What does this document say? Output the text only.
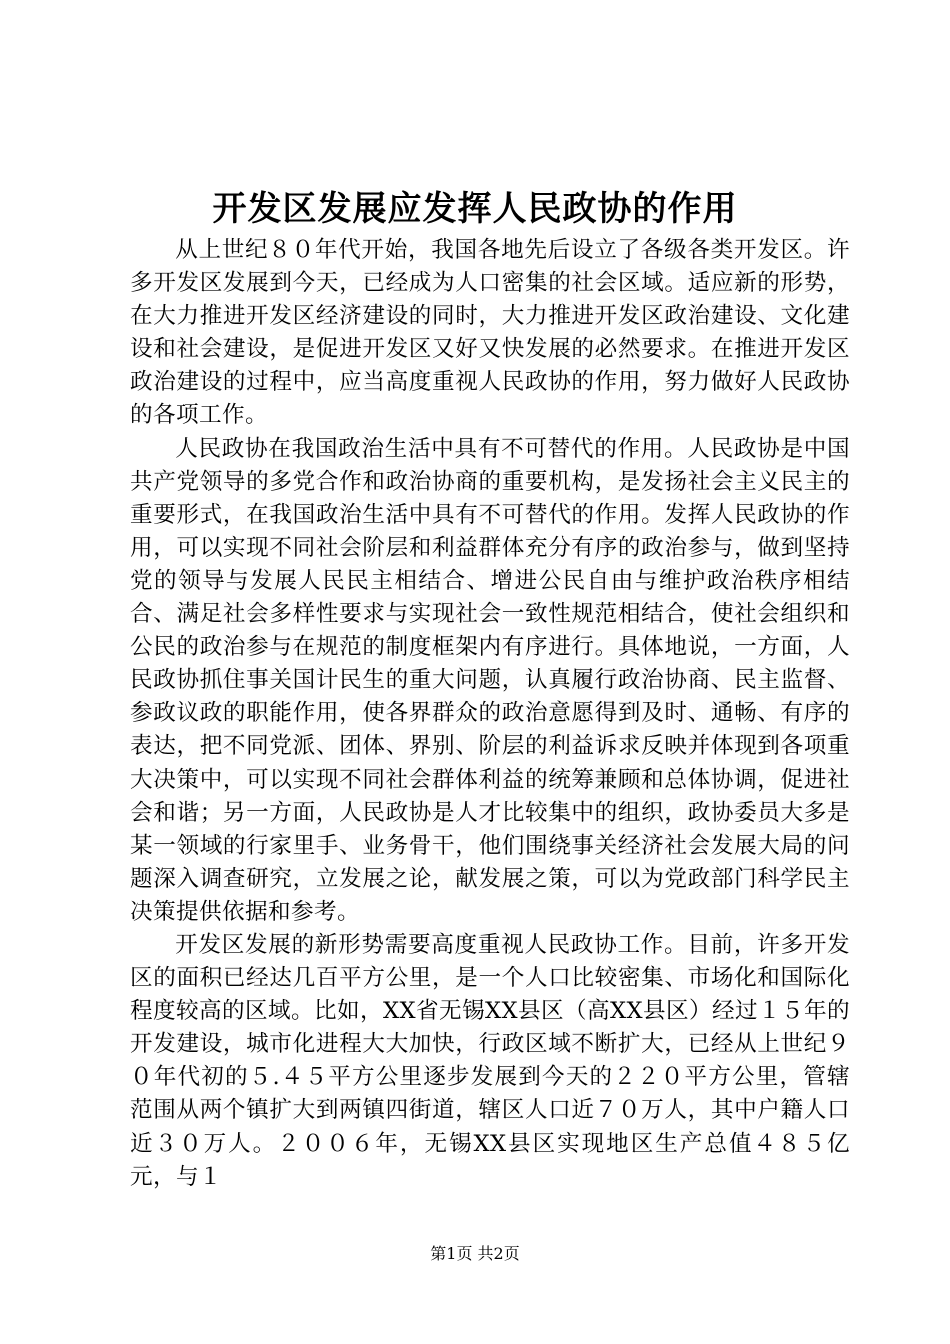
开发区发展应发挥人民政协的作用

从上世纪８０年代开始，我国各地先后设立了各级各类开发区。许多开发区发展到今天，已经成为人口密集的社会区域。适应新的形势，在大力推进开发区经济建设的同时，大力推进开发区政治建设、文化建设和社会建设，是促进开发区又好又快发展的必然要求。在推进开发区政治建设的过程中，应当高度重视人民政协的作用，努力做好人民政协的各项工作。

人民政协在我国政治生活中具有不可替代的作用。人民政协是中国共产党领导的多党合作和政治协商的重要机构，是发扬社会主义民主的重要形式，在我国政治生活中具有不可替代的作用。发挥人民政协的作用，可以实现不同社会阶层和利益群体充分有序的政治参与，做到坚持党的领导与发展人民民主相结合、增进公民自由与维护政治秩序相结合、满足社会多样性要求与实现社会一致性规范相结合，使社会组织和公民的政治参与在规范的制度框架内有序进行。具体地说，一方面，人民政协抓住事关国计民生的重大问题，认真履行政治协商、民主监督、参政议政的职能作用，使各界群众的政治意愿得到及时、通畅、有序的表达，把不同党派、团体、界别、阶层的利益诉求反映并体现到各项重大决策中，可以实现不同社会群体利益的统筹兼顾和总体协调，促进社会和谐；另一方面，人民政协是人才比较集中的组织，政协委员大多是某一领域的行家里手、业务骨干，他们围绕事关经济社会发展大局的问题深入调查研究，立发展之论，献发展之策，可以为党政部门科学民主决策提供依据和参考。

开发区发展的新形势需要高度重视人民政协工作。目前，许多开发区的面积已经达几百平方公里，是一个人口比较密集、市场化和国际化程度较高的区域。比如，XX省无锡XX县区（高XX县区）经过１５年的开发建设，城市化进程大大加快，行政区域不断扩大，已经从上世纪９０年代初的５.４５平方公里逐步发展到今天的２２０平方公里，管辖范围从两个镇扩大到两镇四街道，辖区人口近７０万人，其中户籍人口近３０万人。２００６年，无锡XX县区实现地区生产总值４８５亿元，与１

第1页 共2页
